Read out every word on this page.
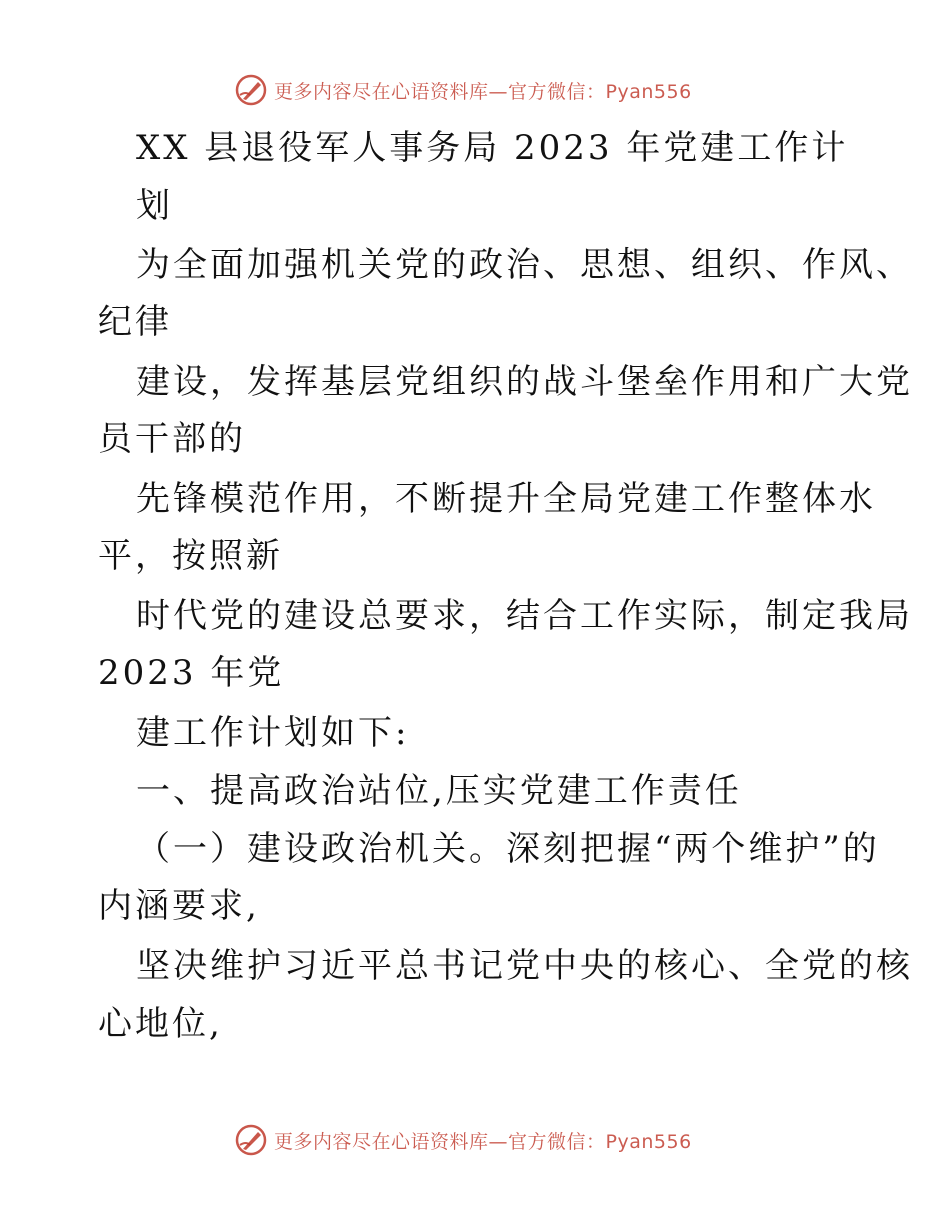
更多内容尽在心语资料库—官方微信：Pyan556
XX 县退役军人事务局 2023 年党建工作计
划
为全面加强机关党的政治、思想、组织、作风、
纪律
建设，发挥基层党组织的战斗堡垒作用和广大党
员干部的
先锋模范作用，不断提升全局党建工作整体水
平，按照新
时代党的建设总要求，结合工作实际，制定我局
2023 年党
建工作计划如下:
一、提高政治站位,压实党建工作责任
（一）建设政治机关。深刻把握“两个维护”的
内涵要求,
坚决维护习近平总书记党中央的核心、全党的核
心地位,
更多内容尽在心语资料库—官方微信：Pyan556
